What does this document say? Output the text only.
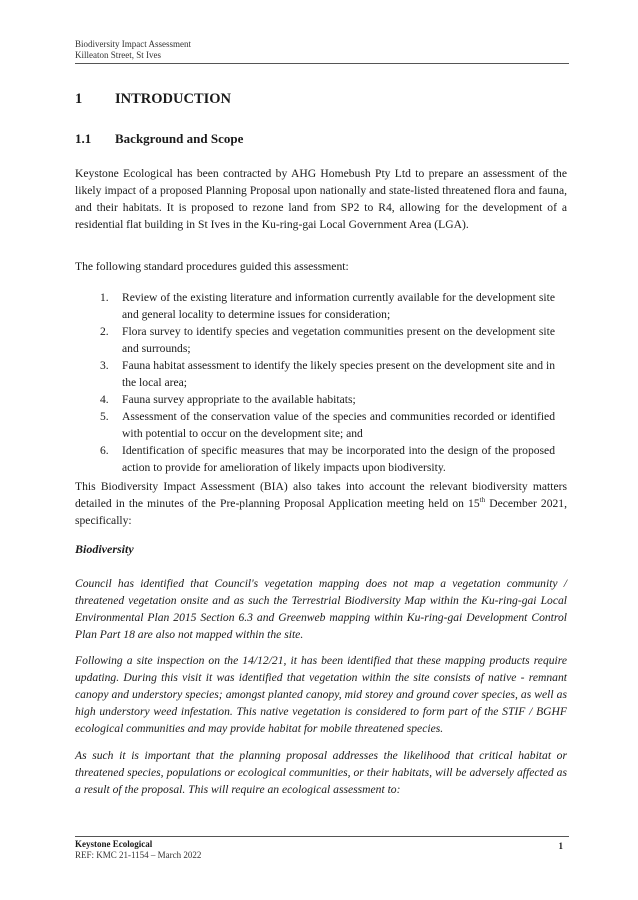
Biodiversity Impact Assessment
Killeaton Street, St Ives
1 INTRODUCTION
1.1 Background and Scope

Keystone Ecological has been contracted by AHG Homebush Pty Ltd to prepare an assessment of the likely impact of a proposed Planning Proposal upon nationally and state-listed threatened flora and fauna, and their habitats. It is proposed to rezone land from SP2 to R4, allowing for the development of a residential flat building in St Ives in the Ku-ring-gai Local Government Area (LGA).

The following standard procedures guided this assessment:

1. Review of the existing literature and information currently available for the development site and general locality to determine issues for consideration;
2. Flora survey to identify species and vegetation communities present on the development site and surrounds;
3. Fauna habitat assessment to identify the likely species present on the development site and in the local area;
4. Fauna survey appropriate to the available habitats;
5. Assessment of the conservation value of the species and communities recorded or identified with potential to occur on the development site; and
6. Identification of specific measures that may be incorporated into the design of the proposed action to provide for amelioration of likely impacts upon biodiversity.

This Biodiversity Impact Assessment (BIA) also takes into account the relevant biodiversity matters detailed in the minutes of the Pre-planning Proposal Application meeting held on 15th December 2021, specifically:

Biodiversity

Council has identified that Council's vegetation mapping does not map a vegetation community / threatened vegetation onsite and as such the Terrestrial Biodiversity Map within the Ku-ring-gai Local Environmental Plan 2015 Section 6.3 and Greenweb mapping within Ku-ring-gai Development Control Plan Part 18 are also not mapped within the site.

Following a site inspection on the 14/12/21, it has been identified that these mapping products require updating. During this visit it was identified that vegetation within the site consists of native - remnant canopy and understory species; amongst planted canopy, mid storey and ground cover species, as well as high understory weed infestation. This native vegetation is considered to form part of the STIF / BGHF ecological communities and may provide habitat for mobile threatened species.

As such it is important that the planning proposal addresses the likelihood that critical habitat or threatened species, populations or ecological communities, or their habitats, will be adversely affected as a result of the proposal. This will require an ecological assessment to:

Keystone Ecological
REF: KMC 21-1154 – March 2022
1
